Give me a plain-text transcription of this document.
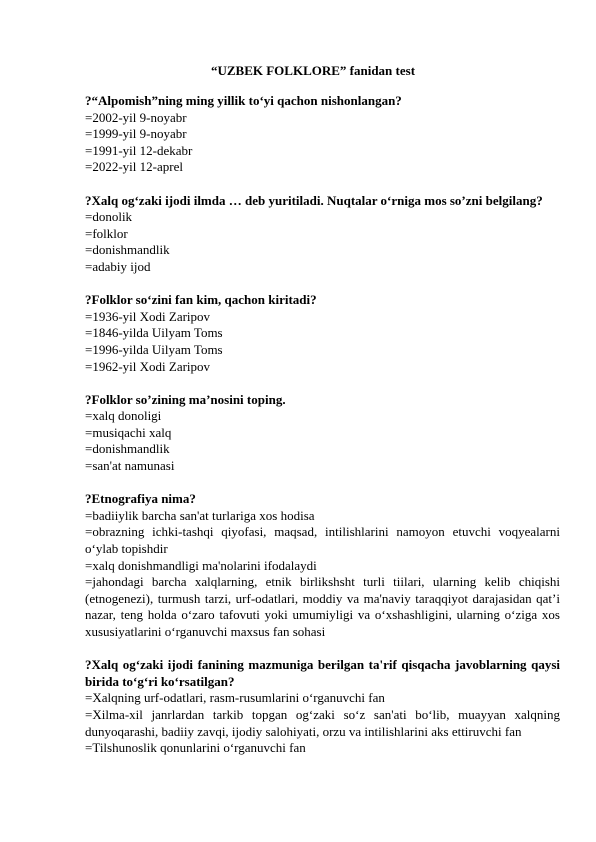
“UZBEK FOLKLORE” fanidan test
?“Alpomish”ning ming yillik to‘yi qachon nishonlangan?
=2002-yil 9-noyabr
=1999-yil 9-noyabr
=1991-yil 12-dekabr
=2022-yil 12-aprel
?Xalq og‘zaki ijodi ilmda … deb yuritiladi. Nuqtalar o‘rniga mos so’zni belgilang?
=donolik
=folklor
=donishmandlik
=adabiy ijod
?Folklor so‘zini fan kim, qachon kiritadi?
=1936-yil Xodi Zaripov
=1846-yilda Uilyam Toms
=1996-yilda Uilyam Toms
=1962-yil Xodi Zaripov
?Folklor so’zining ma’nosini toping.
=xalq donoligi
=musiqachi xalq
=donishmandlik
=san'at namunasi
?Etnografiya nima?
=badiiylik barcha san'at turlariga xos hodisa
=obrazning ichki-tashqi qiyofasi, maqsad, intilishlarini namoyon etuvchi voqyealarni o‘ylab topishdir
=xalq donishmandligi ma'nolarini ifodalaydi
=jahondagi barcha xalqlarning, etnik birlikshsht turli tiilari, ularning kelib chiqishi (etnogenezi), turmush tarzi, urf-odatlari, moddiy va ma'naviy taraqqiyot darajasidan qat’i nazar, teng holda o‘zaro tafovuti yoki umumiyligi va o‘xshashligini, ularning o‘ziga xos xususiyatlarini o‘rganuvchi maxsus fan sohasi
?Xalq og‘zaki ijodi fanining mazmuniga berilgan ta'rif qisqacha javoblarning qaysi birida to‘g‘ri ko‘rsatilgan?
=Xalqning urf-odatlari, rasm-rusumlarini o‘rganuvchi fan
=Xilma-xil janrlardan tarkib topgan og‘zaki so‘z san'ati bo‘lib, muayyan xalqning dunyoqarashi, badiiy zavqi, ijodiy salohiyati, orzu va intilishlarini aks ettiruvchi fan
=Tilshunoslik qonunlarini o‘rganuvchi fan
